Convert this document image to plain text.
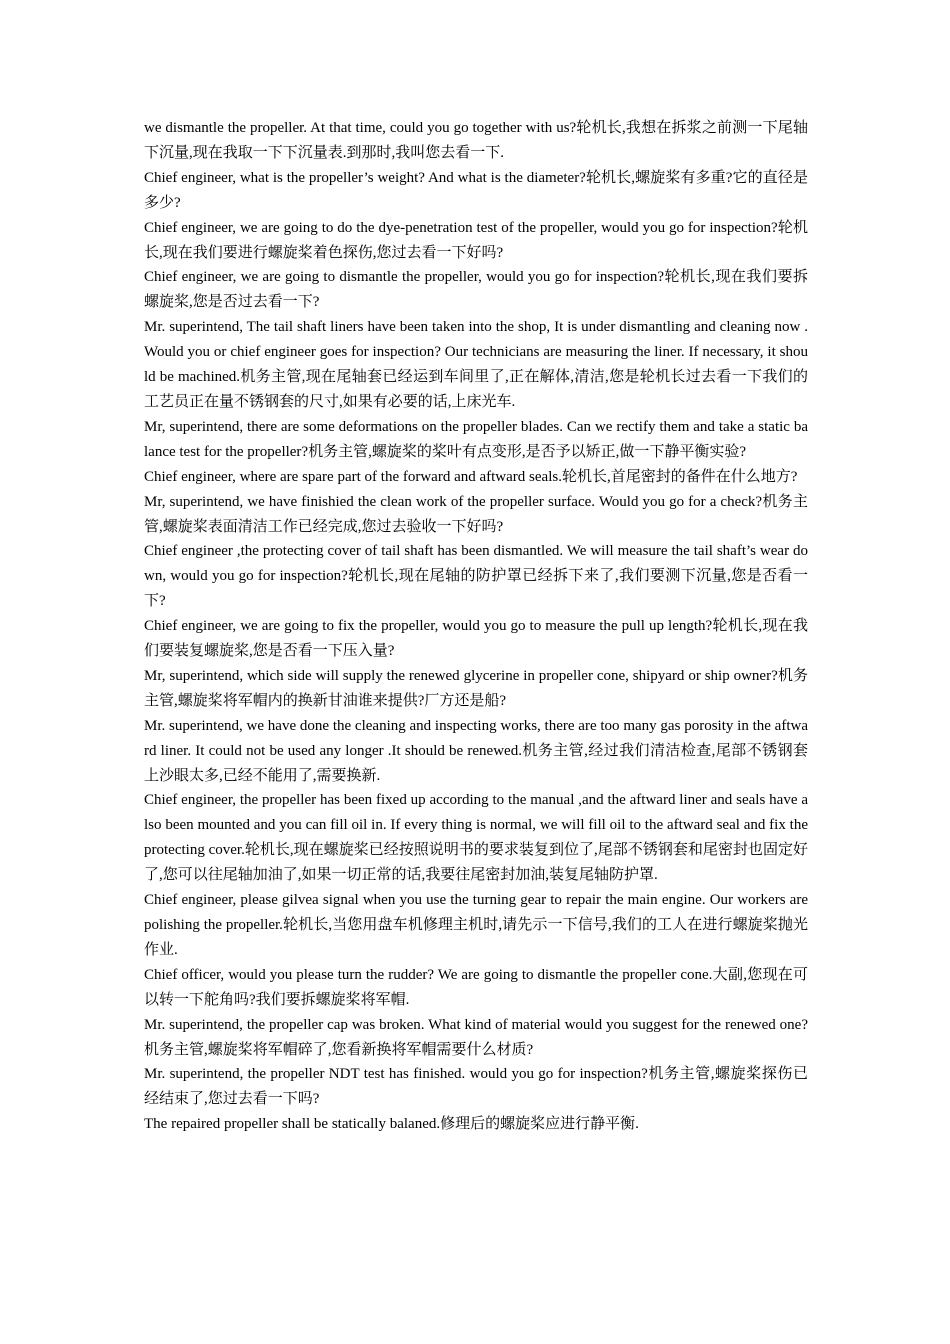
we dismantle the propeller. At that time, could you go together with us?轮机长,我想在拆浆之前测一下尾轴下沉量,现在我取一下下沉量表.到那时,我叫您去看一下.

Chief engineer, what is the propeller’s weight? And what is the diameter?轮机长,螺旋桨有多重?它的直径是多少?

Chief engineer, we are going to do the dye-penetration test of the propeller, would you go for inspection?轮机长,现在我们要进行螺旋桨着色探伤,您过去看一下好吗?

Chief engineer, we are going to dismantle the propeller, would you go for inspection?轮机长,现在我们要拆螺旋桨,您是否过去看一下?

Mr. superintend, The tail shaft liners have been taken into the shop, It is under dismantling and cleaning now .Would you or chief engineer goes for inspection? Our technicians are measuring the liner. If necessary, it should be machined.机务主管,现在尾轴套已经运到车间里了,正在解体,清洁,您是轮机长过去看一下我们的工艺员正在量不锈钢套的尺寸,如果有必要的话,上床光车.

Mr, superintend, there are some deformations on the propeller blades. Can we rectify them and take a static balance test for the propeller?机务主管,螺旋桨的桨叶有点变形,是否予以矫正,做一下静平衡实验?

Chief engineer, where are spare part of the forward and aftward seals.轮机长,首尾密封的备件在什么地方?

Mr, superintend, we have finishied the clean work of the propeller surface. Would you go for a check?机务主管,螺旋桨表面清洁工作已经完成,您过去验收一下好吗?

Chief engineer ,the protecting cover of tail shaft has been dismantled. We will measure the tail shaft’s wear down, would you go for inspection?轮机长,现在尾轴的防护罩已经拆下来了,我们要测下沉量,您是否看一下?

Chief engineer, we are going to fix the propeller, would you go to measure the pull up length?轮机长,现在我们要装复螺旋桨,您是否看一下压入量?

Mr, superintend, which side will supply the renewed glycerine in propeller cone, shipyard or ship owner?机务主管,螺旋桨将军帽内的换新甘油谁来提供?厂方还是船?

Mr. superintend, we have done the cleaning and inspecting works, there are too many gas porosity in the aftward liner. It could not be used any longer .It should be renewed.机务主管,经过我们清洁检查,尾部不锈钢套上沙眼太多,已经不能用了,需要换新.

Chief engineer, the propeller has been fixed up according to the manual ,and the aftward liner and seals have also been mounted and you can fill oil in. If every thing is normal, we will fill oil to the aftward seal and fix the protecting cover.轮机长,现在螺旋桨已经按照说明书的要求装复到位了,尾部不锈钢套和尾密封也固定好了,您可以往尾轴加油了,如果一切正常的话,我要往尾密封加油,装复尾轴防护罩.

Chief engineer, please gilvea signal when you use the turning gear to repair the main engine. Our workers are polishing the propeller.轮机长,当您用盘车机修理主机时,请先示一下信号,我们的工人在进行螺旋桨抛光作业.

Chief officer, would you please turn the rudder? We are going to dismantle the propeller cone.大副,您现在可以转一下舵角吗?我们要拆螺旋桨将军帽.

Mr. superintend, the propeller cap was broken. What kind of material would you suggest for the renewed one?机务主管,螺旋桨将军帽碎了,您看新换将军帽需要什么材质?

Mr. superintend, the propeller NDT test has finished. would you go for inspection?机务主管,螺旋桨探伤已经结束了,您过去看一下吗?

The repaired propeller shall be statically balaned.修理后的螺旋桨应进行静平衡.
